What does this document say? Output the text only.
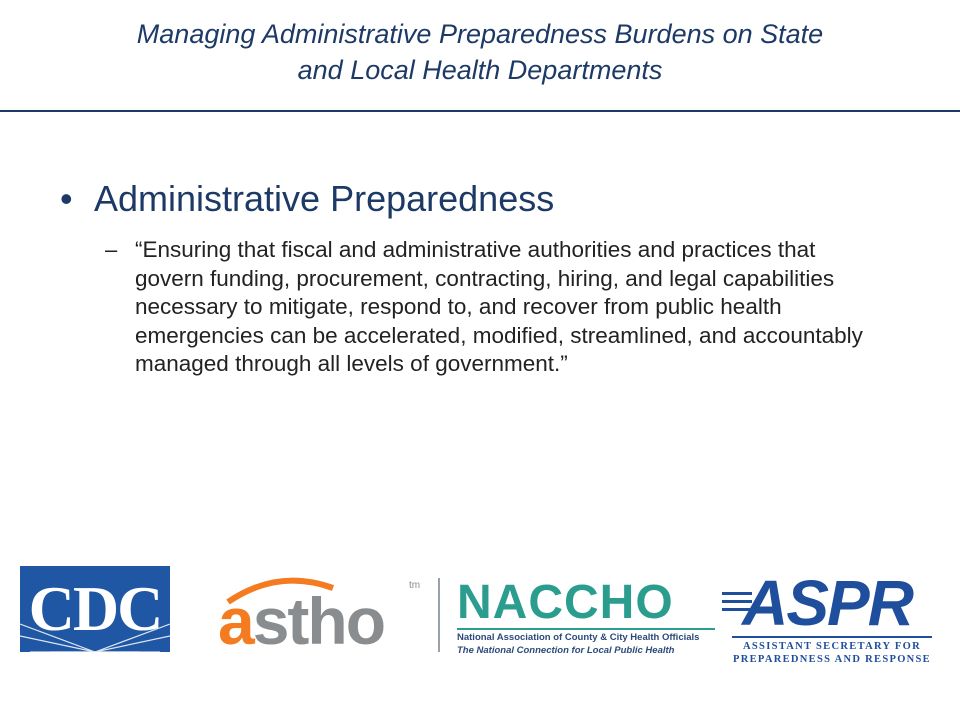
Managing Administrative Preparedness Burdens on State
and Local Health Departments
• Administrative Preparedness
– “Ensuring that fiscal and administrative authorities and practices that govern funding, procurement, contracting, hiring, and legal capabilities necessary to mitigate, respond to, and recover from public health emergencies can be accelerated, modified, streamlined, and accountably managed through all levels of government.”
CDC astho tm NACCHO
National Association of County & City Health Officials
The National Connection for Local Public Health
ASPR
ASSISTANT SECRETARY FOR
PREPAREDNESS AND RESPONSE
